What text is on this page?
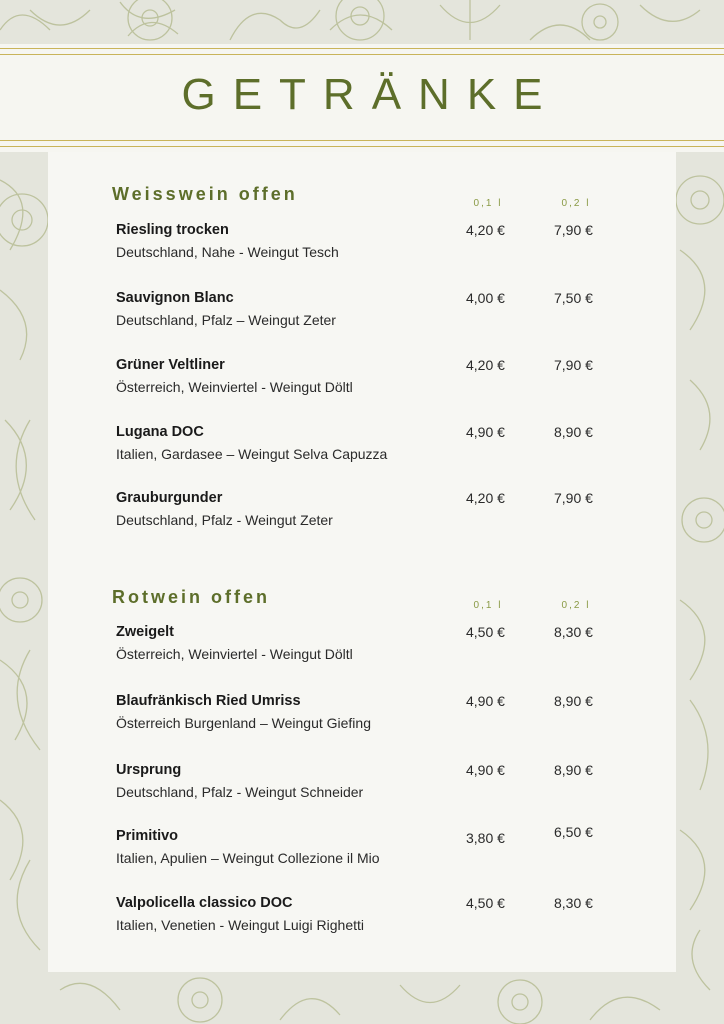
GETRÄNKE
Weisswein offen	0,1 l	0,2 l
Riesling trocken
Deutschland, Nahe - Weingut Tesch
4,20 €	7,90 €
Sauvignon Blanc
Deutschland, Pfalz – Weingut Zeter
4,00 €	7,50 €
Grüner Veltliner
Österreich, Weinviertel - Weingut Döltl
4,20 €	7,90 €
Lugana DOC
Italien, Gardasee – Weingut Selva Capuzza
4,90 €	8,90 €
Grauburgunder
Deutschland, Pfalz - Weingut Zeter
4,20 €	7,90 €
Rotwein offen	0,1 l	0,2 l
Zweigelt
Österreich, Weinviertel - Weingut Döltl
4,50 €	8,30 €
Blaufränkisch Ried Umriss
Österreich Burgenland – Weingut Giefing
4,90 €	8,90 €
Ursprung
Deutschland, Pfalz - Weingut Schneider
4,90 €	8,90 €
Primitivo
Italien, Apulien – Weingut Collezione il Mio
3,80 €	6,50 €
Valpolicella classico DOC
Italien, Venetien - Weingut Luigi Righetti
4,50 €	8,30 €
